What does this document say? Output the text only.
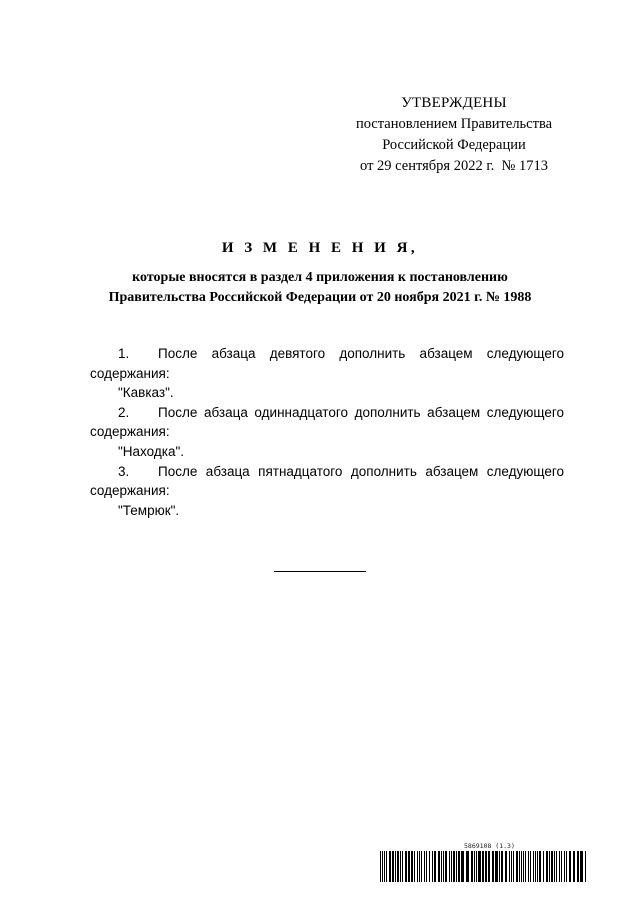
УТВЕРЖДЕНЫ
постановлением Правительства
Российской Федерации
от 29 сентября 2022 г.  № 1713
И З М Е Н Е Н И Я,
которые вносятся в раздел 4 приложения к постановлению
Правительства Российской Федерации от 20 ноября 2021 г. № 1988

1. После абзаца девятого дополнить абзацем следующего

содержания:

"Кавказ".

2. После абзаца одиннадцатого дополнить абзацем следующего

содержания:

"Находка".

3. После абзаца пятнадцатого дополнить абзацем следующего

содержания:

"Темрюк".

5869108 (1.3)
